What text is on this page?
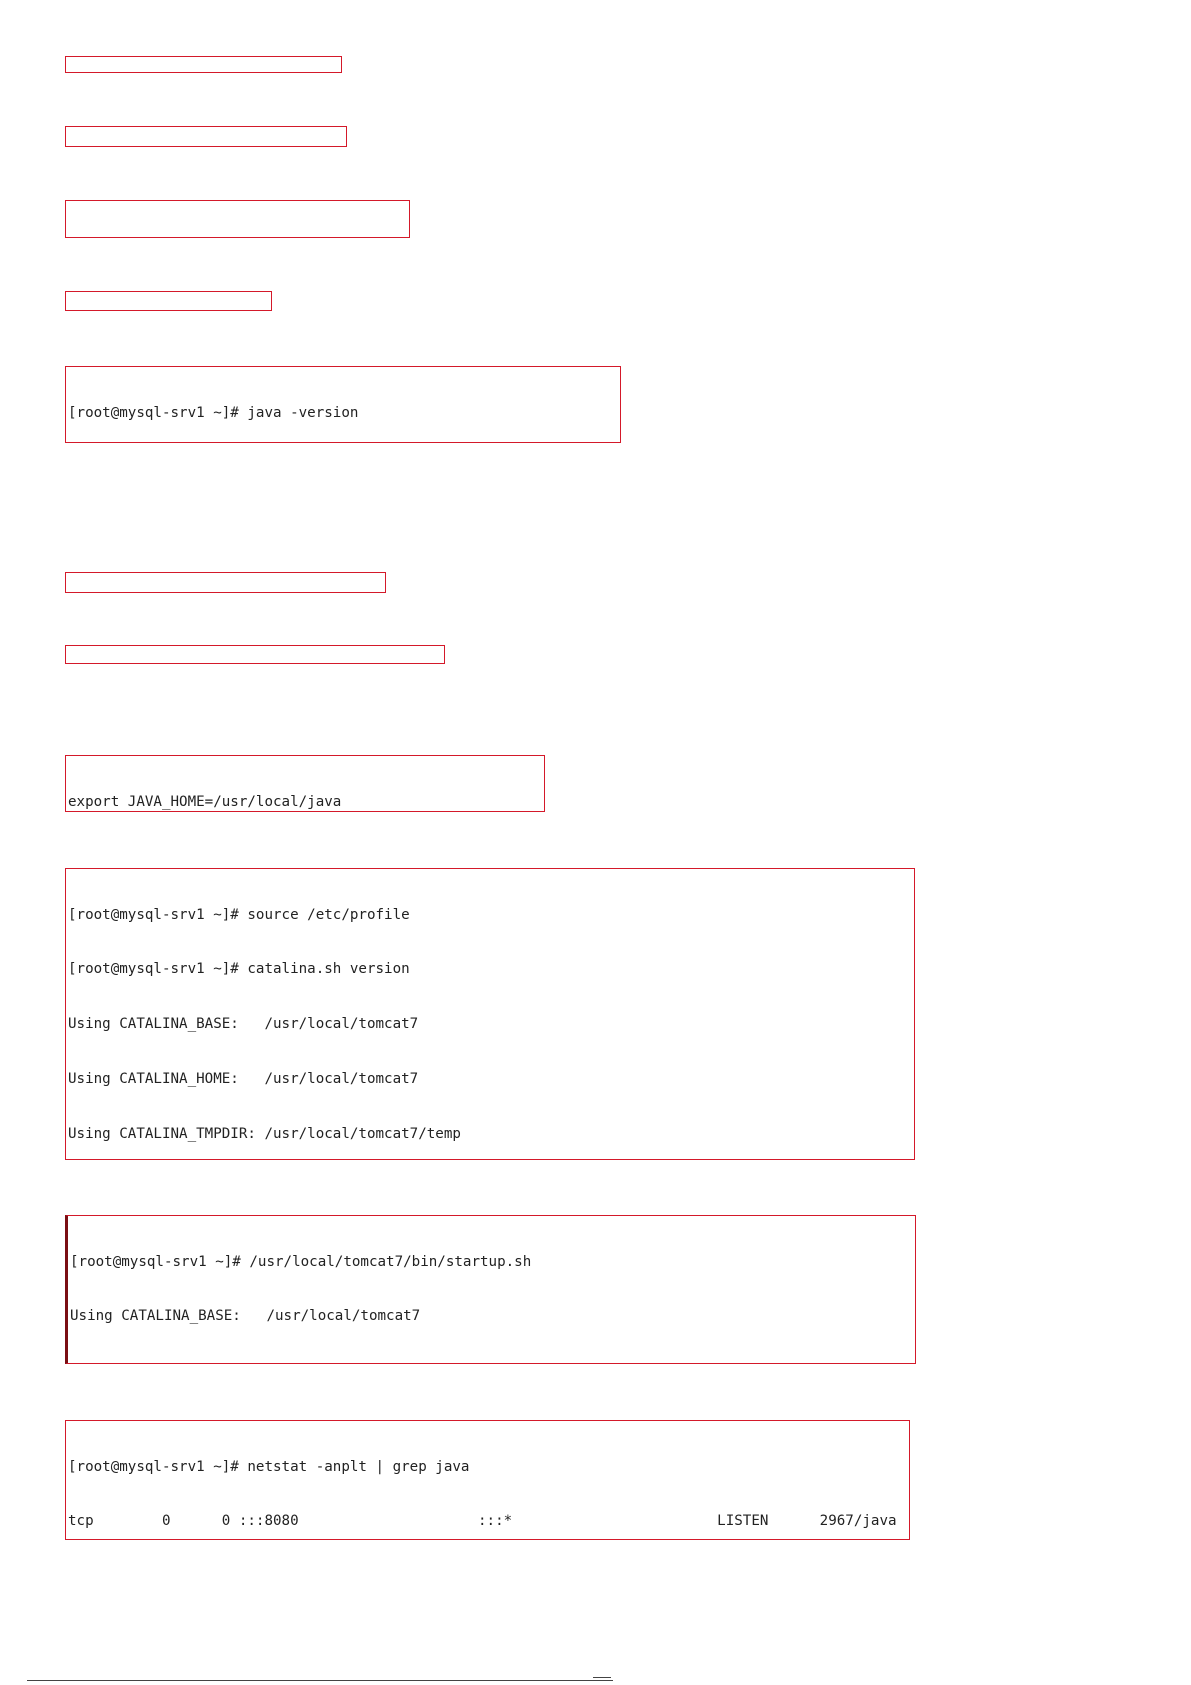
[root@mysql-srv1 ~]# java -version

export JAVA_HOME=/usr/local/java

[root@mysql-srv1 ~]# source /etc/profile

[root@mysql-srv1 ~]# catalina.sh version

Using CATALINA_BASE:   /usr/local/tomcat7

Using CATALINA_HOME:   /usr/local/tomcat7

Using CATALINA_TMPDIR: /usr/local/tomcat7/temp

[root@mysql-srv1 ~]# /usr/local/tomcat7/bin/startup.sh

Using CATALINA_BASE:   /usr/local/tomcat7

[root@mysql-srv1 ~]# netstat -anplt | grep java

tcp        0      0 :::8080                     :::*                        LISTEN      2967/java
